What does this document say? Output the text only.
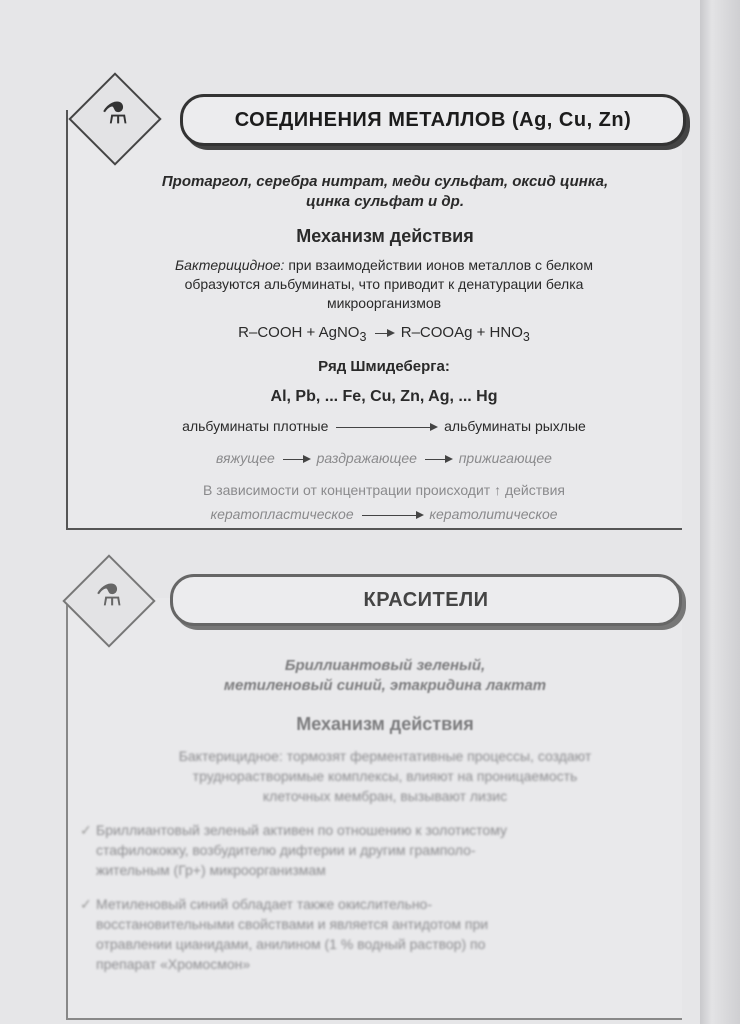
⚗	СОЕДИНЕНИЯ МЕТАЛЛОВ (Ag, Cu, Zn)
Протаргол, серебра нитрат, меди сульфат, оксид цинка,
цинка сульфат и др.
Механизм действия
Бактерицидное: при взаимодействии ионов металлов с белком
образуются альбуминаты, что приводит к денатурации белка
микроорганизмов
R–COOH + AgNO$_3$  R–COOAg + $HNO_3$
Ряд Шмидеберга:
Al, Pb, ... Fe, Cu, Zn, Ag, ... Hg
альбуминаты плотные	альбуминаты рыхлые
вяжущее	раздражающее	прижигающее
В зависимости от концентрации происходит ↑ действия
кератопластическое	кератолитическое
⚗	КРАСИТЕЛИ
Бриллиантовый зеленый,
метиленовый синий, этакридина лактат
Механизм действия
Бактерицидное: тормозят ферментативные процессы, создают
труднорастворимые комплексы, влияют на проницаемость
клеточных мембран, вызывают лизис
✓ Бриллиантовый зеленый активен по отношению к золотистому
стафилококку, возбудителю дифтерии и другим грамполо-
жительным (Гр+) микроорганизмам
✓ Метиленовый синий обладает также окислительно-
восстановительными свойствами и является антидотом при
отравлении цианидами, анилином (1 % водный раствор) по
препарат «Хромосмон»
